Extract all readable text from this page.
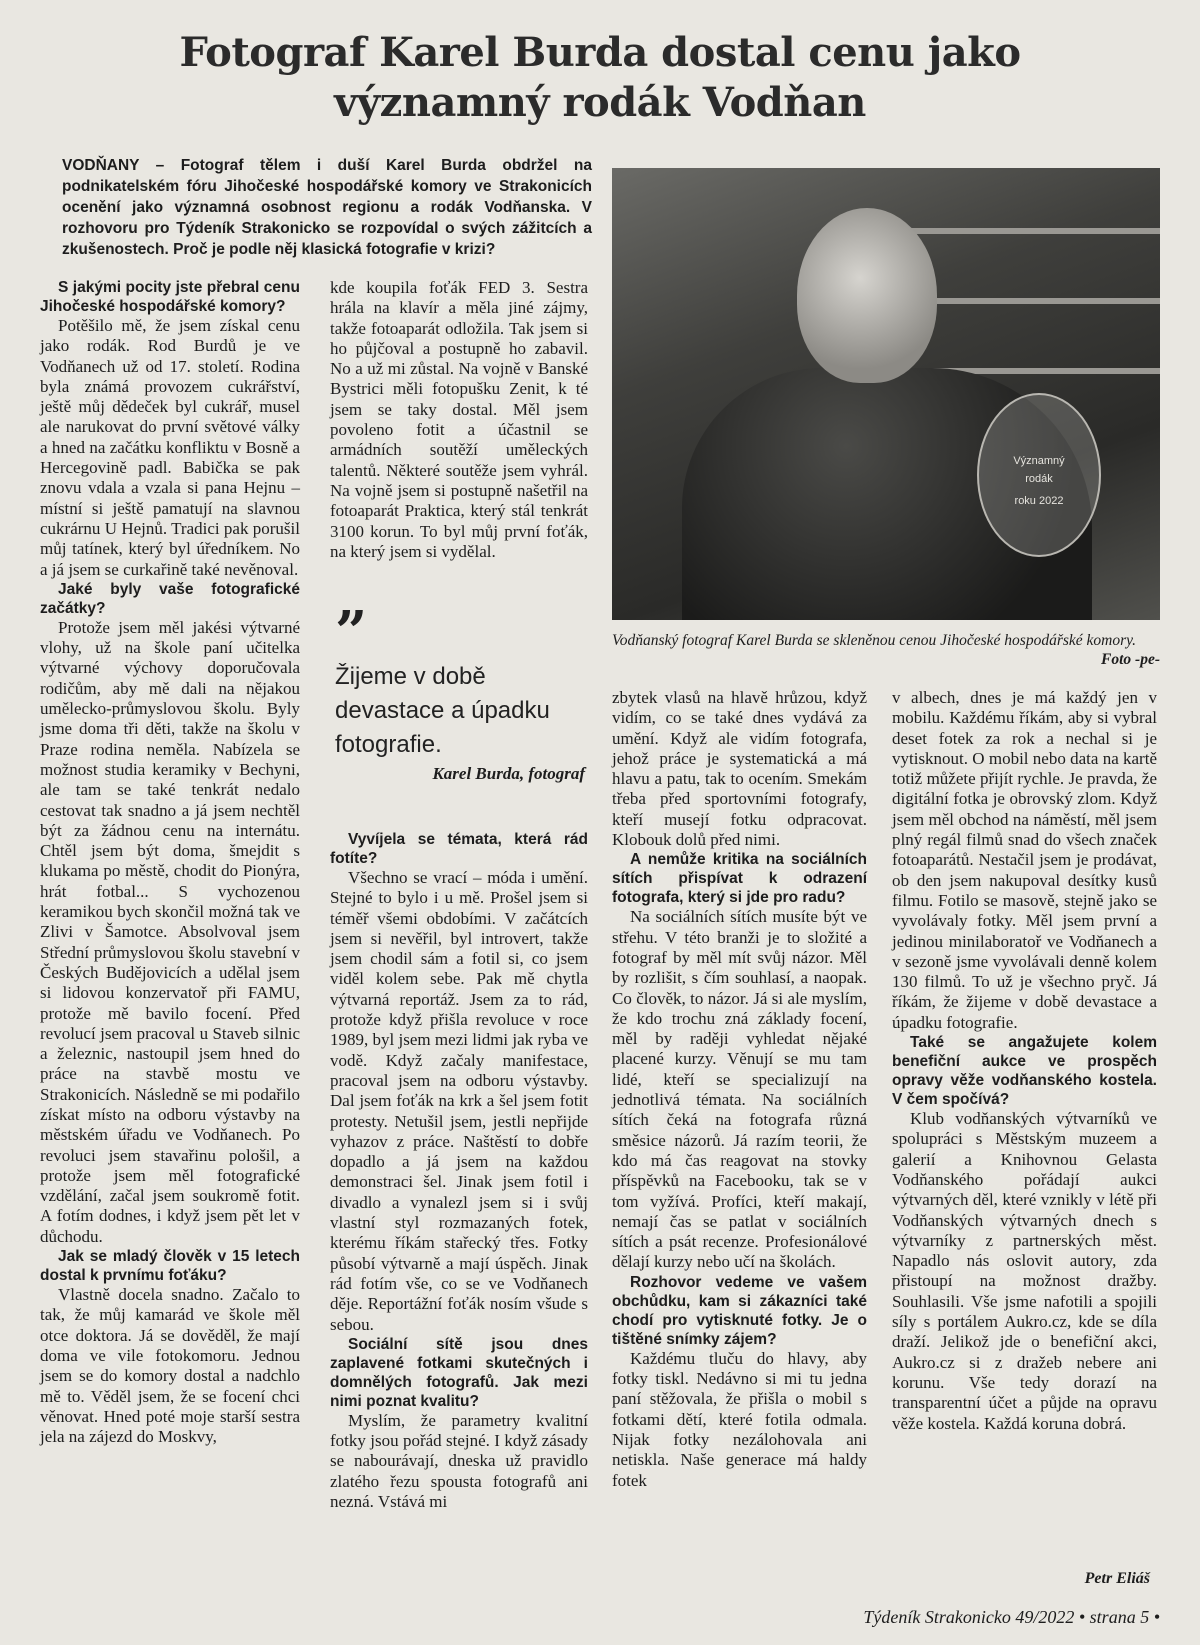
Fotograf Karel Burda dostal cenu jako významný rodák Vodňan
VODŇANY – Fotograf tělem i duší Karel Burda obdržel na podnikatelském fóru Jihočeské hospodářské komory ve Strakonicích ocenění jako významná osobnost regionu a rodák Vodňanska. V rozhovoru pro Týdeník Strakonicko se rozpovídal o svých zážitcích a zkušenostech. Proč je podle něj klasická fotografie v krizi?
Významný
rodák
roku 2022
Vodňanský fotograf Karel Burda se skleněnou cenou Jihočeské hospodářské komory.
Foto -pe-
”
Žijeme v době devastace a úpadku fotografie.
Karel Burda, fotograf

S jakými pocity jste přebral cenu Jihočeské hospodářské komory?

Potěšilo mě, že jsem získal cenu jako rodák. Rod Burdů je ve Vodňanech už od 17. století. Rodina byla známá provozem cukrářství, ještě můj dědeček byl cukrář, musel ale narukovat do první světové války a hned na začátku konfliktu v Bosně a Hercegovině padl. Babička se pak znovu vdala a vzala si pana Hejnu – místní si ještě pamatují na slavnou cukrárnu U Hejnů. Tradici pak porušil můj tatínek, který byl úředníkem. No a já jsem se curkařině také nevěnoval.

Jaké byly vaše fotografické začátky?

Protože jsem měl jakési výtvarné vlohy, už na škole paní učitelka výtvarné výchovy doporučovala rodičům, aby mě dali na nějakou umělecko-průmyslovou školu. Byly jsme doma tři děti, takže na školu v Praze rodina neměla. Nabízela se možnost studia keramiky v Bechyni, ale tam se také tenkrát nedalo cestovat tak snadno a já jsem nechtěl být za žádnou cenu na internátu. Chtěl jsem být doma, šmejdit s klukama po městě, chodit do Pionýra, hrát fotbal... S vychozenou keramikou bych skončil možná tak ve Zlivi v Šamotce. Absolvoval jsem Střední průmyslovou školu stavební v Českých Budějovicích a udělal jsem si lidovou konzervatoř při FAMU, protože mě bavilo focení. Před revolucí jsem pracoval u Staveb silnic a železnic, nastoupil jsem hned do práce na stavbě mostu ve Strakonicích. Následně se mi podařilo získat místo na odboru výstavby na městském úřadu ve Vodňanech. Po revoluci jsem stavařinu pološil, a protože jsem měl fotografické vzdělání, začal jsem soukromě fotit. A fotím dodnes, i když jsem pět let v důchodu.

Jak se mladý člověk v 15 letech dostal k prvnímu foťáku?

Vlastně docela snadno. Začalo to tak, že můj kamarád ve škole měl otce doktora. Já se dověděl, že mají doma ve vile fotokomoru. Jednou jsem se do komory dostal a nadchlo mě to. Věděl jsem, že se focení chci věnovat. Hned poté moje starší sestra jela na zájezd do Moskvy,

kde koupila foťák FED 3. Sestra hrála na klavír a měla jiné zájmy, takže fotoaparát odložila. Tak jsem si ho půjčoval a postupně ho zabavil. No a už mi zůstal. Na vojně v Banské Bystrici měli fotopušku Zenit, k té jsem se taky dostal. Měl jsem povoleno fotit a účastnil se armádních soutěží uměleckých talentů. Některé soutěže jsem vyhrál. Na vojně jsem si postupně našetřil na fotoaparát Praktica, který stál tenkrát 3100 korun. To byl můj první foťák, na který jsem si vydělal.

Vyvíjela se témata, která rád fotíte?

Všechno se vrací – móda i umění. Stejné to bylo i u mě. Prošel jsem si téměř všemi obdobími. V začátcích jsem si nevěřil, byl introvert, takže jsem chodil sám a fotil si, co jsem viděl kolem sebe. Pak mě chytla výtvarná reportáž. Jsem za to rád, protože když přišla revoluce v roce 1989, byl jsem mezi lidmi jak ryba ve vodě. Když začaly manifestace, pracoval jsem na odboru výstavby. Dal jsem foťák na krk a šel jsem fotit protesty. Netušil jsem, jestli nepřijde vyhazov z práce. Naštěstí to dobře dopadlo a já jsem na každou demonstraci šel. Jinak jsem fotil i divadlo a vynalezl jsem si i svůj vlastní styl rozmazaných fotek, kterému říkám stařecký třes. Fotky působí výtvarně a mají úspěch. Jinak rád fotím vše, co se ve Vodňanech děje. Reportážní foťák nosím všude s sebou.

Sociální sítě jsou dnes zaplavené fotkami skutečných i domnělých fotografů. Jak mezi nimi poznat kvalitu?

Myslím, že parametry kvalitní fotky jsou pořád stejné. I když zásady se nabourávají, dneska už pravidlo zlatého řezu spousta fotografů ani nezná. Vstává mi

zbytek vlasů na hlavě hrůzou, když vidím, co se také dnes vydává za umění. Když ale vidím fotografa, jehož práce je systematická a má hlavu a patu, tak to ocením. Smekám třeba před sportovními fotografy, kteří musejí fotku odpracovat. Klobouk dolů před nimi.

A nemůže kritika na sociálních sítích přispívat k odrazení fotografa, který si jde pro radu?

Na sociálních sítích musíte být ve střehu. V této branži je to složité a fotograf by měl mít svůj názor. Měl by rozlišit, s čím souhlasí, a naopak. Co člověk, to názor. Já si ale myslím, že kdo trochu zná základy focení, měl by raději vyhledat nějaké placené kurzy. Věnují se mu tam lidé, kteří se specializují na jednotlivá témata. Na sociálních sítích čeká na fotografa různá směsice názorů. Já razím teorii, že kdo má čas reagovat na stovky příspěvků na Facebooku, tak se v tom vyžívá. Profíci, kteří makají, nemají čas se patlat v sociálních sítích a psát recenze. Profesionálové dělají kurzy nebo učí na školách.

Rozhovor vedeme ve vašem obchůdku, kam si zákazníci také chodí pro vytisknuté fotky. Je o tištěné snímky zájem?

Každému tluču do hlavy, aby fotky tiskl. Nedávno si mi tu jedna paní stěžovala, že přišla o mobil s fotkami dětí, které fotila odmala. Nijak fotky nezálohovala ani netiskla. Naše generace má haldy fotek

v albech, dnes je má každý jen v mobilu. Každému říkám, aby si vybral deset fotek za rok a nechal si je vytisknout. O mobil nebo data na kartě totiž můžete přijít rychle. Je pravda, že digitální fotka je obrovský zlom. Když jsem měl obchod na náměstí, měl jsem plný regál filmů snad do všech značek fotoaparátů. Nestačil jsem je prodávat, ob den jsem nakupoval desítky kusů filmu. Fotilo se masově, stejně jako se vyvolávaly fotky. Měl jsem první a jedinou minilaboratoř ve Vodňanech a v sezoně jsme vyvolávali denně kolem 130 filmů. To už je všechno pryč. Já říkám, že žijeme v době devastace a úpadku fotografie.

Také se angažujete kolem benefiční aukce ve prospěch opravy věže vodňanského kostela. V čem spočívá?

Klub vodňanských výtvarníků ve spolupráci s Městským muzeem a galerií a Knihovnou Gelasta Vodňanského pořádají aukci výtvarných děl, které vznikly v létě při Vodňanských výtvarných dnech s výtvarníky z partnerských měst. Napadlo nás oslovit autory, zda přistoupí na možnost dražby. Souhlasili. Vše jsme nafotili a spojili síly s portálem Aukro.cz, kde se díla draží. Jelikož jde o benefiční akci, Aukro.cz si z dražeb nebere ani korunu. Vše tedy dorazí na transparentní účet a půjde na opravu věže kostela. Každá koruna dobrá.

Petr Eliáš
Týdeník Strakonicko 49/2022 • strana 5 •
